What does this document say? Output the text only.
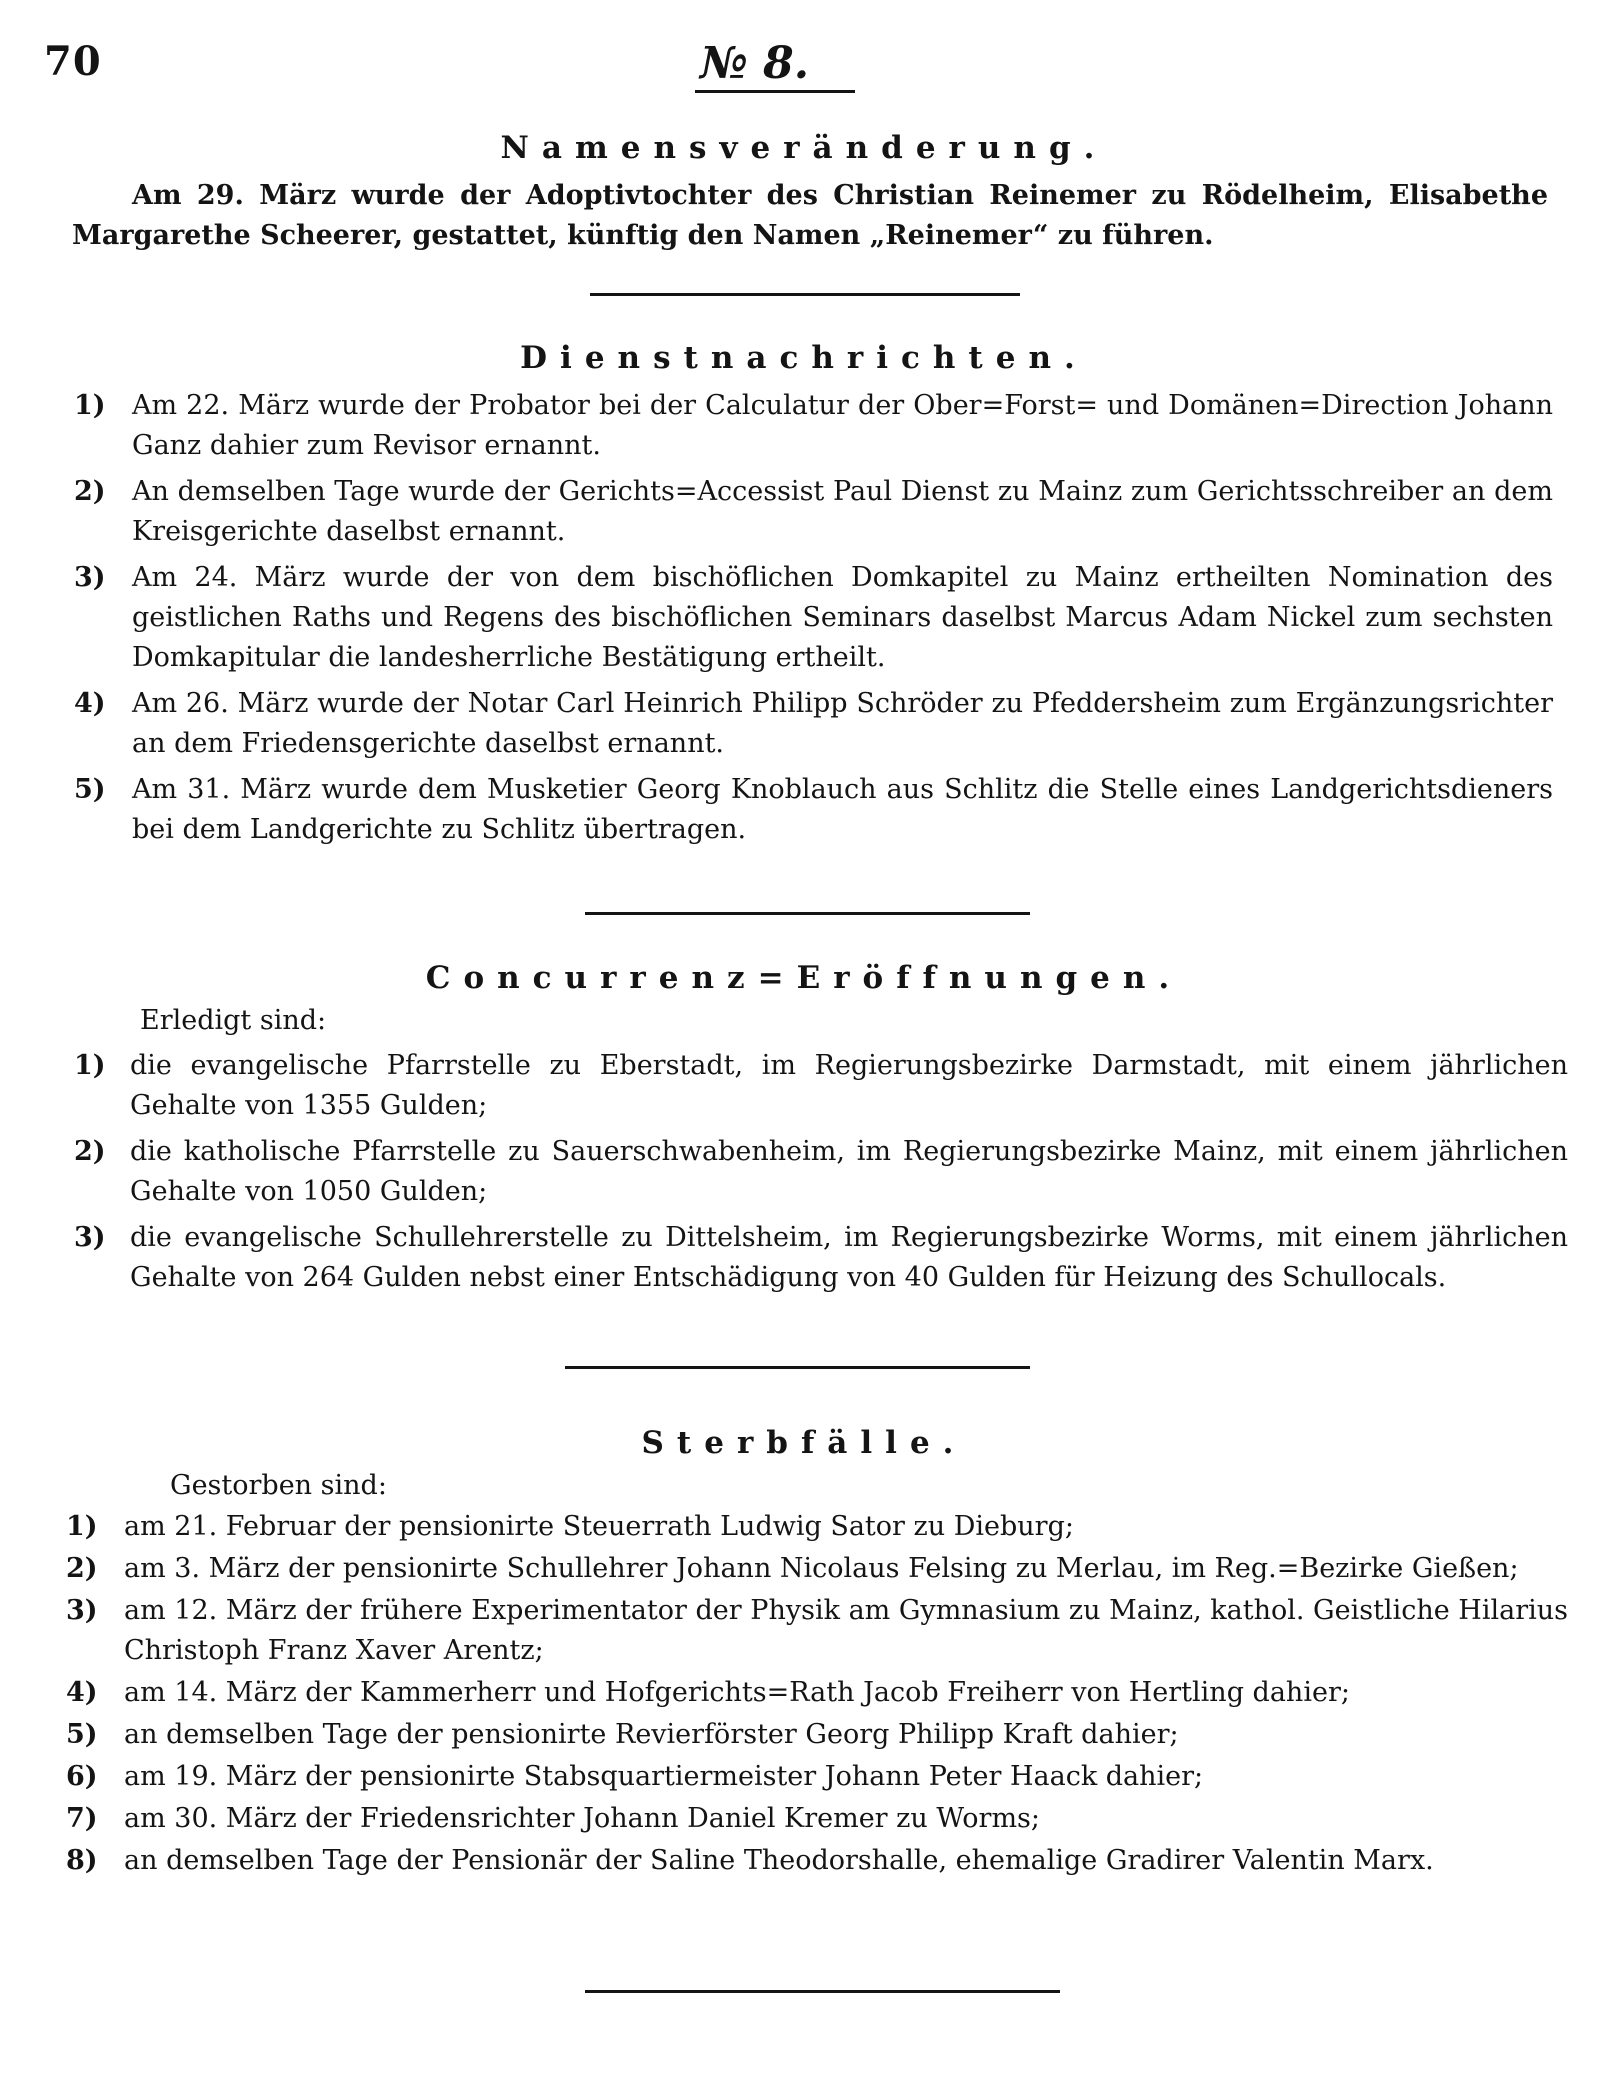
70	№ 8.
Namensveränderung.

Am 29. März wurde der Adoptivtochter des Christian Reinemer zu Rödelheim, Elisabethe Margarethe Scheerer, gestattet, künftig den Namen „Reinemer“ zu führen.

Dienstnachrichten.
1) Am 22. März wurde der Probator bei der Calculatur der Ober=Forst= und Domänen=Direction Johann Ganz dahier zum Revisor ernannt.
2) An demselben Tage wurde der Gerichts=Accessist Paul Dienst zu Mainz zum Gerichtsschreiber an dem Kreisgerichte daselbst ernannt.
3) Am 24. März wurde der von dem bischöflichen Domkapitel zu Mainz ertheilten Nomination des geistlichen Raths und Regens des bischöflichen Seminars daselbst Marcus Adam Nickel zum sechsten Domkapitular die landesherrliche Bestätigung ertheilt.
4) Am 26. März wurde der Notar Carl Heinrich Philipp Schröder zu Pfeddersheim zum Ergänzungsrichter an dem Friedensgerichte daselbst ernannt.
5) Am 31. März wurde dem Musketier Georg Knoblauch aus Schlitz die Stelle eines Landgerichtsdieners bei dem Landgerichte zu Schlitz übertragen.
Concurrenz=Eröffnungen.
Erledigt sind:
1) die evangelische Pfarrstelle zu Eberstadt, im Regierungsbezirke Darmstadt, mit einem jährlichen Gehalte von 1355 Gulden;
2) die katholische Pfarrstelle zu Sauerschwabenheim, im Regierungsbezirke Mainz, mit einem jährlichen Gehalte von 1050 Gulden;
3) die evangelische Schullehrerstelle zu Dittelsheim, im Regierungsbezirke Worms, mit einem jährlichen Gehalte von 264 Gulden nebst einer Entschädigung von 40 Gulden für Heizung des Schullocals.
Sterbfälle.
Gestorben sind:
1) am 21. Februar der pensionirte Steuerrath Ludwig Sator zu Dieburg;
2) am 3. März der pensionirte Schullehrer Johann Nicolaus Felsing zu Merlau, im Reg.=Bezirke Gießen;
3) am 12. März der frühere Experimentator der Physik am Gymnasium zu Mainz, kathol. Geistliche Hilarius Christoph Franz Xaver Arentz;
4) am 14. März der Kammerherr und Hofgerichts=Rath Jacob Freiherr von Hertling dahier;
5) an demselben Tage der pensionirte Revierförster Georg Philipp Kraft dahier;
6) am 19. März der pensionirte Stabsquartiermeister Johann Peter Haack dahier;
7) am 30. März der Friedensrichter Johann Daniel Kremer zu Worms;
8) an demselben Tage der Pensionär der Saline Theodorshalle, ehemalige Gradirer Valentin Marx.
